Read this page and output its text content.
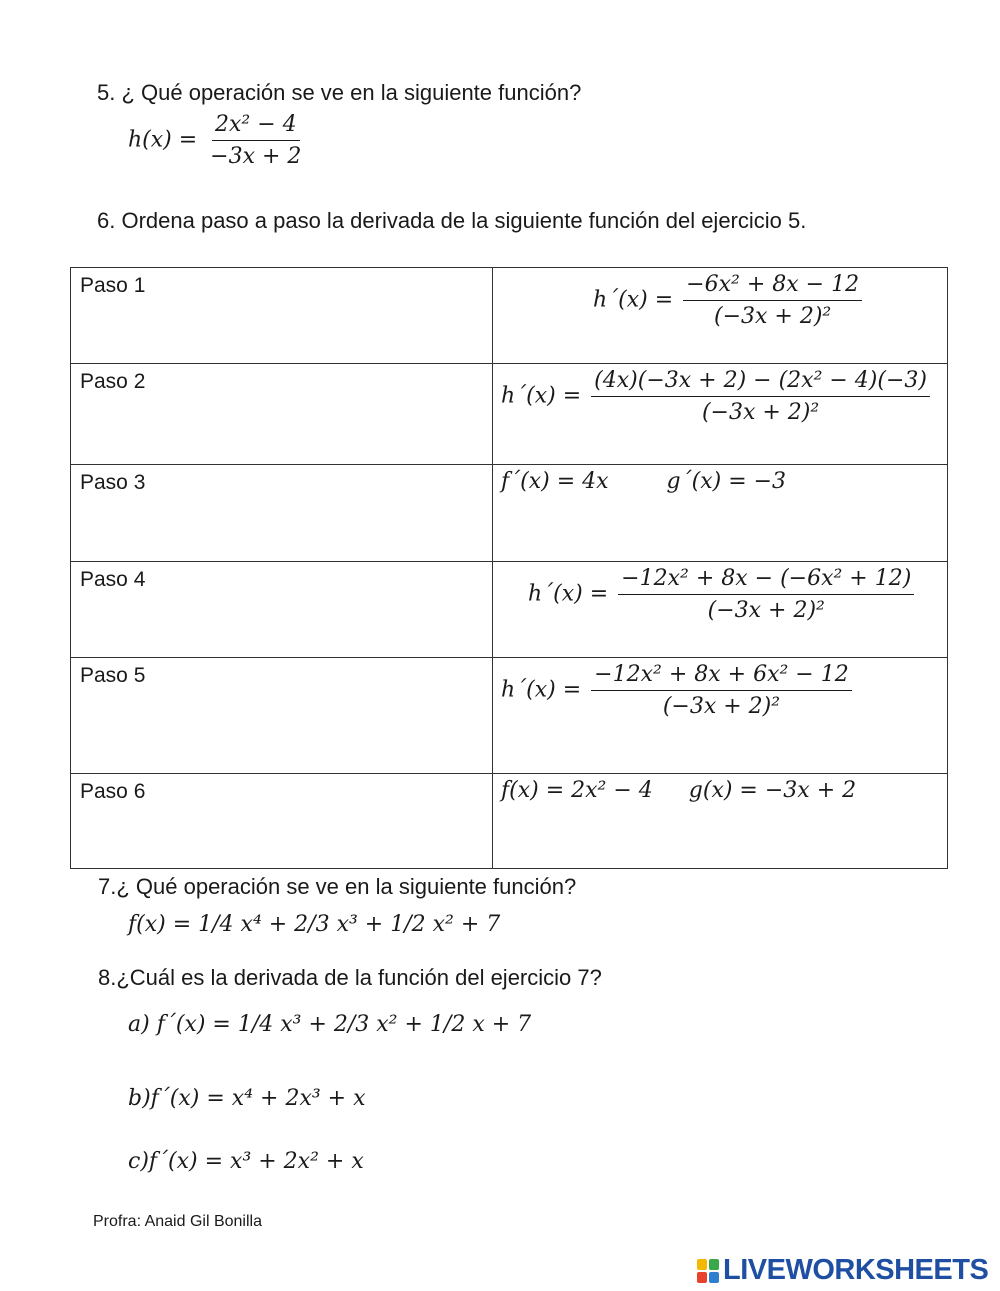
5. ¿ Qué operación se ve en la siguiente función?
$h(x) = \frac{\text{2x² − 4}}{-3x + 2}$
6. Ordena paso a paso la derivada de la siguiente función del ejercicio 5.
Paso 1	h´(x) = $\frac{\text{−6x² + 8x − 12}}{\text{(−3x + 2)²}}$

Paso 2	h´(x) = $\frac{\text{(4x)(−3x + 2) − (2x² − 4)(−3)}}{\text{(−3x + 2)²}}$

Paso 3	f´(x) = 4x g´(x) = −3

Paso 4	h´(x) = $\frac{\text{−12x² + 8x − (−6x² + 12)}}{\text{(−3x + 2)²}}$

Paso 5	h´(x) = $\frac{\text{−12x² + 8x + 6x² − 12}}{\text{(−3x + 2)²}}$

Paso 6	f(x) = 2x² − 4 g(x) = −3x + 2
7.¿ Qué operación se ve en la siguiente función?
f(x) = 1/4 x⁴ + 2/3 x³ + 1/2 x² + 7
8.¿Cuál es la derivada de la función del ejercicio 7?
a) f´(x) = 1/4 x³ + 2/3 x² + 1/2 x + 7
b)f´(x) = x⁴ + 2x³ + x
c)f´(x) = x³ + 2x² + x
Profra: Anaid Gil Bonilla
LIVEWORKSHEETS
